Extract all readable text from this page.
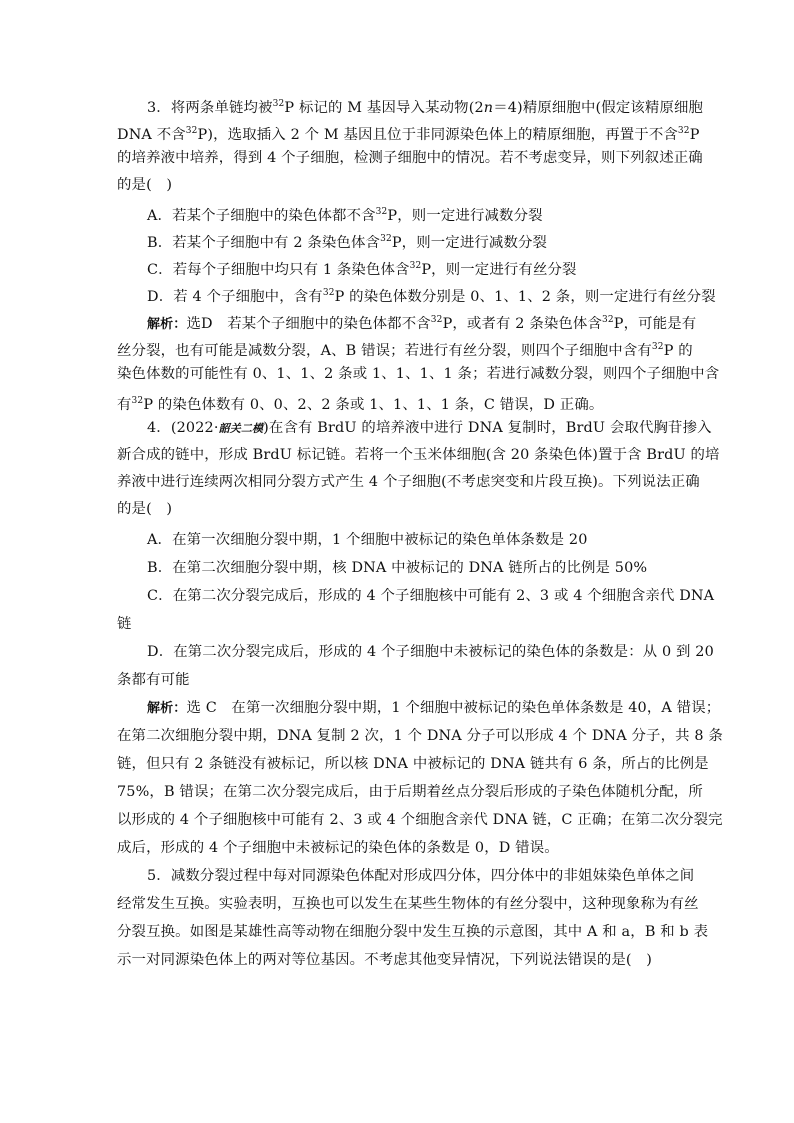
3．将两条单链均被$^{32}$P 标记的 M 基因导入某动物(2n＝4)精原细胞中(假定该精原细胞
DNA 不含$^{32}$P)，选取插入 2 个 M 基因且位于非同源染色体上的精原细胞，再置于不含$^{32}$P
的培养液中培养，得到 4 个子细胞，检测子细胞中的情况。若不考虑变异，则下列叙述正确
的是(　)
A．若某个子细胞中的染色体都不含$^{32}$P，则一定进行减数分裂
B．若某个子细胞中有 2 条染色体含$^{32}$P，则一定进行减数分裂
C．若每个子细胞中均只有 1 条染色体含$^{32}$P，则一定进行有丝分裂
D．若 4 个子细胞中，含有$^{32}$P 的染色体数分别是 0、1、1、2 条，则一定进行有丝分裂
解析：选D　若某个子细胞中的染色体都不含$^{32}$P，或者有 2 条染色体含$^{32}$P，可能是有
丝分裂，也有可能是减数分裂，A、B 错误；若进行有丝分裂，则四个子细胞中含有$^{32}$P 的
染色体数的可能性有 0、1、1、2 条或 1、1、1、1 条；若进行减数分裂，则四个子细胞中含
有$^{32}$P 的染色体数有 0、0、2、2 条或 1、1、1、1 条，C 错误，D 正确。
4．(2022·韶关二模)在含有 BrdU 的培养液中进行 DNA 复制时，BrdU 会取代胸苷掺入
新合成的链中，形成 BrdU 标记链。若将一个玉米体细胞(含 20 条染色体)置于含 BrdU 的培
养液中进行连续两次相同分裂方式产生 4 个子细胞(不考虑突变和片段互换)。下列说法正确
的是(　)
A．在第一次细胞分裂中期，1 个细胞中被标记的染色单体条数是 20
B．在第二次细胞分裂中期，核 DNA 中被标记的 DNA 链所占的比例是 50%
C．在第二次分裂完成后，形成的 4 个子细胞核中可能有 2、3 或 4 个细胞含亲代 DNA
链
D．在第二次分裂完成后，形成的 4 个子细胞中未被标记的染色体的条数是：从 0 到 20
条都有可能
解析：选 C　在第一次细胞分裂中期，1 个细胞中被标记的染色单体条数是 40，A 错误；
在第二次细胞分裂中期，DNA 复制 2 次，1 个 DNA 分子可以形成 4 个 DNA 分子，共 8 条
链，但只有 2 条链没有被标记，所以核 DNA 中被标记的 DNA 链共有 6 条，所占的比例是
75%，B 错误；在第二次分裂完成后，由于后期着丝点分裂后形成的子染色体随机分配，所
以形成的 4 个子细胞核中可能有 2、3 或 4 个细胞含亲代 DNA 链，C 正确；在第二次分裂完
成后，形成的 4 个子细胞中未被标记的染色体的条数是 0，D 错误。
5．减数分裂过程中每对同源染色体配对形成四分体，四分体中的非姐妹染色单体之间
经常发生互换。实验表明，互换也可以发生在某些生物体的有丝分裂中，这种现象称为有丝
分裂互换。如图是某雄性高等动物在细胞分裂中发生互换的示意图，其中 A 和 a，B 和 b 表
示一对同源染色体上的两对等位基因。不考虑其他变异情况，下列说法错误的是(　)
